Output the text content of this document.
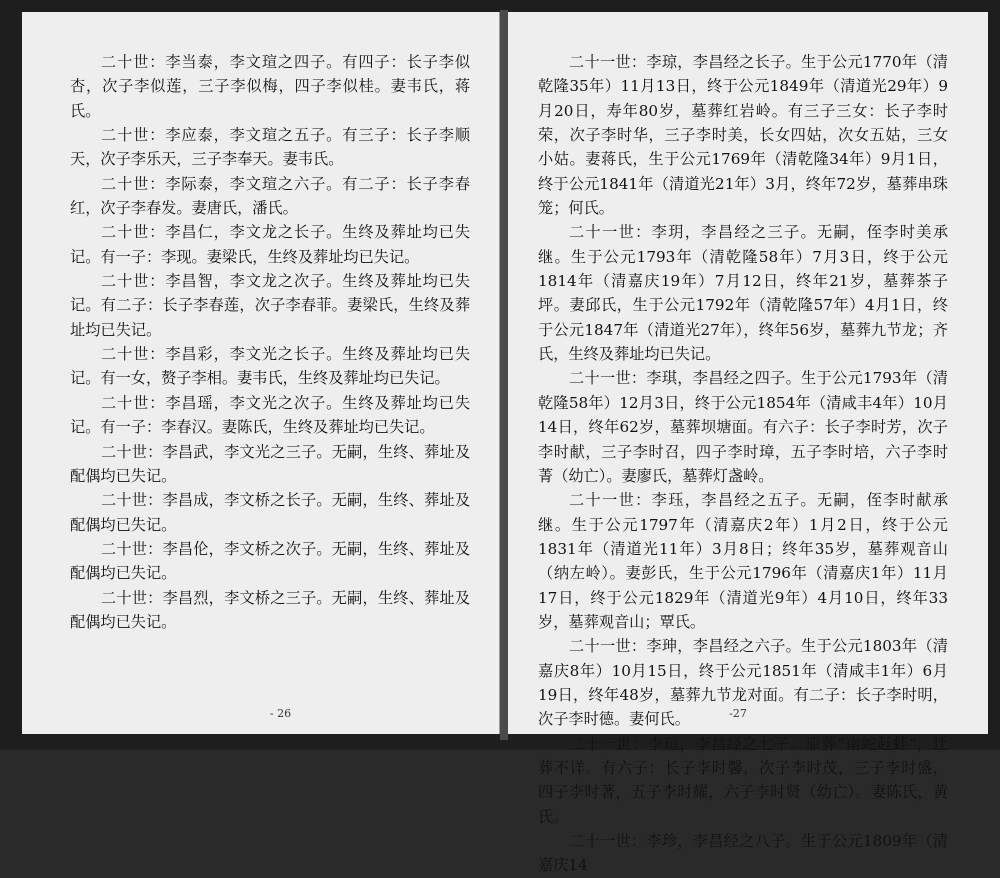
二十世：李当泰，李文瑄之四子。有四子：长子李似杏，次子李似莲，三子李似梅，四子李似桂。妻韦氏，蒋氏。

二十世：李应泰，李文瑄之五子。有三子：长子李顺天，次子李乐天，三子李奉天。妻韦氏。

二十世：李际泰，李文瑄之六子。有二子：长子李春红，次子李春发。妻唐氏，潘氏。

二十世：李昌仁，李文龙之长子。生终及葬址均已失记。有一子：李现。妻梁氏，生终及葬址均已失记。

二十世：李昌智，李文龙之次子。生终及葬址均已失记。有二子：长子李春莲，次子李春菲。妻梁氏，生终及葬址均已失记。

二十世：李昌彩，李文光之长子。生终及葬址均已失记。有一女，赘子李相。妻韦氏，生终及葬址均已失记。

二十世：李昌瑶，李文光之次子。生终及葬址均已失记。有一子：李春汉。妻陈氏，生终及葬址均已失记。

二十世：李昌武，李文光之三子。无嗣，生终、葬址及配偶均已失记。

二十世：李昌成，李文桥之长子。无嗣，生终、葬址及配偶均已失记。

二十世：李昌伦，李文桥之次子。无嗣，生终、葬址及配偶均已失记。

二十世：李昌烈，李文桥之三子。无嗣，生终、葬址及配偶均已失记。

- 26

二十一世：李琼，李昌经之长子。生于公元1770年（清乾隆35年）11月13日，终于公元1849年（清道光29年）9月20日，寿年80岁，墓葬红岩岭。有三子三女：长子李时荣，次子李时华，三子李时美，长女四姑，次女五姑，三女小姑。妻蒋氏，生于公元1769年（清乾隆34年）9月1日，终于公元1841年（清道光21年）3月，终年72岁，墓葬串珠笼；何氏。

二十一世：李玥，李昌经之三子。无嗣，侄李时美承继。生于公元1793年（清乾隆58年）7月3日，终于公元1814年（清嘉庆19年）7月12日，终年21岁，墓葬茶子坪。妻邱氏，生于公元1792年（清乾隆57年）4月1日，终于公元1847年（清道光27年），终年56岁，墓葬九节龙；齐氏，生终及葬址均已失记。

二十一世：李琪，李昌经之四子。生于公元1793年（清乾隆58年）12月3日，终于公元1854年（清咸丰4年）10月14日，终年62岁，墓葬坝塘面。有六子：长子李时芳，次子李时献，三子李时召，四子李时璋，五子李时培，六子李时菁（幼亡）。妻廖氏，墓葬灯盏岭。

二十一世：李珏，李昌经之五子。无嗣，侄李时献承继。生于公元1797年（清嘉庆2年）1月2日，终于公元1831年（清道光11年）3月8日；终年35岁，墓葬观音山（纳左岭）。妻彭氏，生于公元1796年（清嘉庆1年）11月17日，终于公元1829年（清道光9年）4月10日，终年33岁，墓葬观音山；覃氏。

二十一世：李珅，李昌经之六子。生于公元1803年（清嘉庆8年）10月15日，终于公元1851年（清咸丰1年）6月19日，终年48岁，墓葬九节龙对面。有二子：长子李时明，次子李时德。妻何氏。

二十一世：李瑄，李昌经之七子。原葬“南蛇赶蛙”，迁葬不详。有六子：长子李时馨，次子李时茂，三子李时盛，四子李时著，五子李时耀，六子李时贤（幼亡）。妻陈氏，黄氏。

二十一世：李珍，李昌经之八子。生于公元1809年（清嘉庆14

-27
